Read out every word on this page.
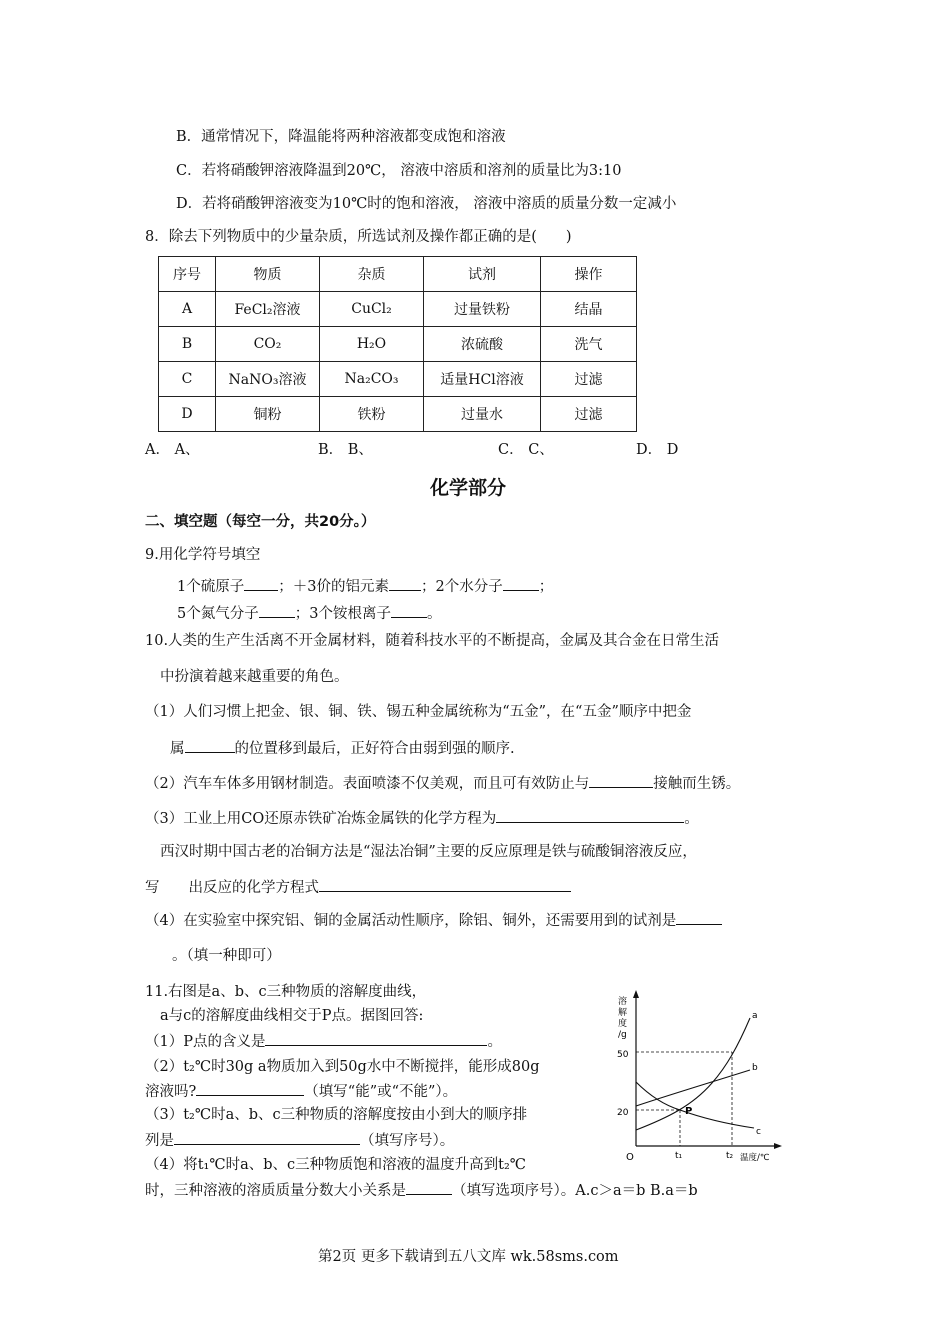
B．通常情况下，降温能将两种溶液都变成饱和溶液
C．若将硝酸钾溶液降温到20℃， 溶液中溶质和溶剂的质量比为3:10
D．若将硝酸钾溶液变为10℃时的饱和溶液， 溶液中溶质的质量分数一定减小
8．除去下列物质中的少量杂质，所选试剂及操作都正确的是(　　)
序号	物质	杂质	试剂	操作
A	FeCl₂溶液	CuCl₂	过量铁粉	结晶
B	CO₂	H₂O	浓硫酸	洗气
C	NaNO₃溶液	Na₂CO₃	适量HCl溶液	过滤
D	铜粉	铁粉	过量水	过滤
A． A、	B． B、	C． C、	D． D
化学部分
二、填空题（每空一分，共20分。）
9.用化学符号填空
1个硫原子 ；＋3价的铝元素 ；2个水分子 ；
5个氮气分子 ；3个铵根离子 。
10.人类的生产生活离不开金属材料，随着科技水平的不断提高，金属及其合金在日常生活
中扮演着越来越重要的角色。
（1）人们习惯上把金、银、铜、铁、锡五种金属统称为“五金”，在“五金”顺序中把金
属	的位置移到最后，正好符合由弱到强的顺序.
（2）汽车车体多用钢材制造。表面喷漆不仅美观，而且可有效防止与	接触而生锈。
（3）工业上用CO还原赤铁矿冶炼金属铁的化学方程为	。
西汉时期中国古老的冶铜方法是“湿法冶铜”主要的反应原理是铁与硫酸铜溶液反应，
写　　出反应的化学方程式
（4）在实验室中探究铝、铜的金属活动性顺序，除铝、铜外，还需要用到的试剂是
。（填一种即可）
11.右图是a、b、c三种物质的溶解度曲线，
a与c的溶解度曲线相交于P点。据图回答:
（1）P点的含义是	。
（2）t₂℃时30g a物质加入到50g水中不断搅拌，能形成80g
溶液吗?	（填写“能”或“不能”）。
（3）t₂℃时a、b、c三种物质的溶解度按由小到大的顺序排
列是	（填写序号）。
（4）将t₁℃时a、b、c三种物质饱和溶液的温度升高到t₂℃
时，三种溶液的溶质质量分数大小关系是	（填写选项序号）。A.c＞a＝b B.a＝b
溶
解
度
/g
50
20
O	t₁	t₂ 温度/℃
a
b
c
P
第2页 更多下载请到五八文库 wk.58sms.com
